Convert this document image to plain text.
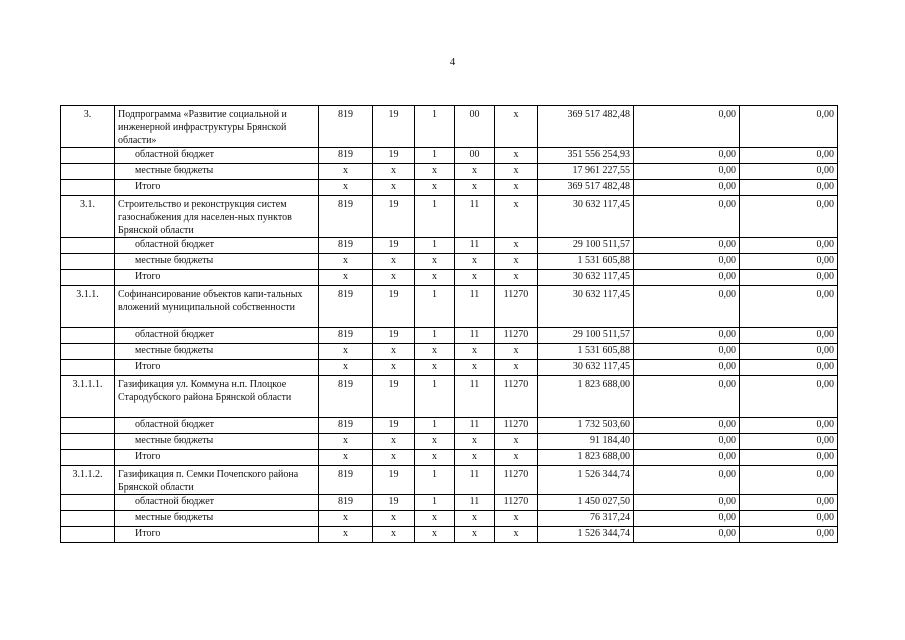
4
3.	Подпрограмма «Развитие социальной и инженерной инфраструктуры Брянской области»	819	19	1	00	х	369 517 482,48	0,00	0,00
	областной бюджет	819	19	1	00	х	351 556 254,93	0,00	0,00
	местные бюджеты	х	х	х	х	х	17 961 227,55	0,00	0,00
	Итого	х	х	х	х	х	369 517 482,48	0,00	0,00
3.1.	Строительство и реконструкция систем газоснабжения для населен-ных пунктов Брянской области	819	19	1	11	х	30 632 117,45	0,00	0,00
	областной бюджет	819	19	1	11	х	29 100 511,57	0,00	0,00
	местные бюджеты	х	х	х	х	х	1 531 605,88	0,00	0,00
	Итого	х	х	х	х	х	30 632 117,45	0,00	0,00
3.1.1.	Софинансирование объектов капи-тальных вложений муниципальной собственности	819	19	1	11	11270	30 632 117,45	0,00	0,00
	областной бюджет	819	19	1	11	11270	29 100 511,57	0,00	0,00
	местные бюджеты	х	х	х	х	х	1 531 605,88	0,00	0,00
	Итого	х	х	х	х	х	30 632 117,45	0,00	0,00
3.1.1.1.	Газификация ул. Коммуна н.п. Плоцкое Стародубского района Брянской области	819	19	1	11	11270	1 823 688,00	0,00	0,00
	областной бюджет	819	19	1	11	11270	1 732 503,60	0,00	0,00
	местные бюджеты	х	х	х	х	х	91 184,40	0,00	0,00
	Итого	х	х	х	х	х	1 823 688,00	0,00	0,00
3.1.1.2.	Газификация п. Семки Почепского района Брянской области	819	19	1	11	11270	1 526 344,74	0,00	0,00
	областной бюджет	819	19	1	11	11270	1 450 027,50	0,00	0,00
	местные бюджеты	х	х	х	х	х	76 317,24	0,00	0,00
	Итого	х	х	х	х	х	1 526 344,74	0,00	0,00
